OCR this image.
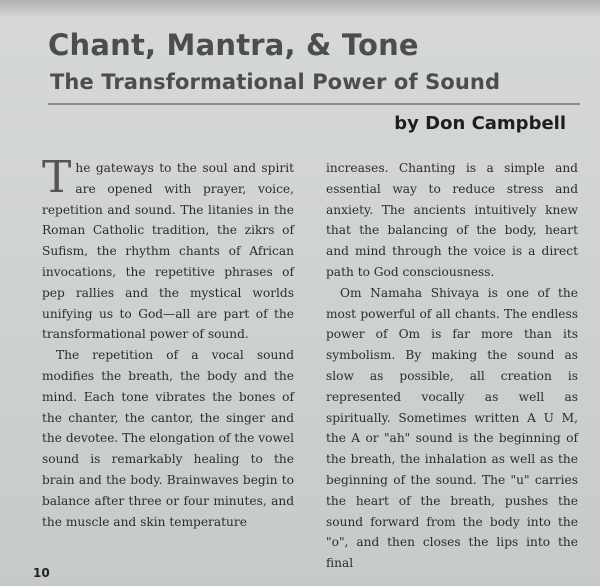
Chant, Mantra, & Tone
The Transformational Power of Sound
by Don Campbell

The gateways to the soul and spirit are opened with prayer, voice, repetition and sound. The litanies in the Roman Catholic tradition, the zikrs of Sufism, the rhythm chants of African invocations, the repetitive phrases of pep rallies and the mystical worlds unifying us to God—all are part of the transformational power of sound.

The repetition of a vocal sound modifies the breath, the body and the mind. Each tone vibrates the bones of the chanter, the cantor, the singer and the devotee. The elongation of the vowel sound is remarkably healing to the brain and the body. Brainwaves begin to balance after three or four minutes, and the muscle and skin temperature

increases. Chanting is a simple and essential way to reduce stress and anxiety. The ancients intuitively knew that the balancing of the body, heart and mind through the voice is a direct path to God consciousness.

Om Namaha Shivaya is one of the most powerful of all chants. The endless power of Om is far more than its symbolism. By making the sound as slow as possible, all creation is represented vocally as well as spiritually. Sometimes written A U M, the A or "ah" sound is the beginning of the breath, the inhalation as well as the beginning of the sound. The "u" carries the heart of the breath, pushes the sound forward from the body into the "o", and then closes the lips into the final

10
